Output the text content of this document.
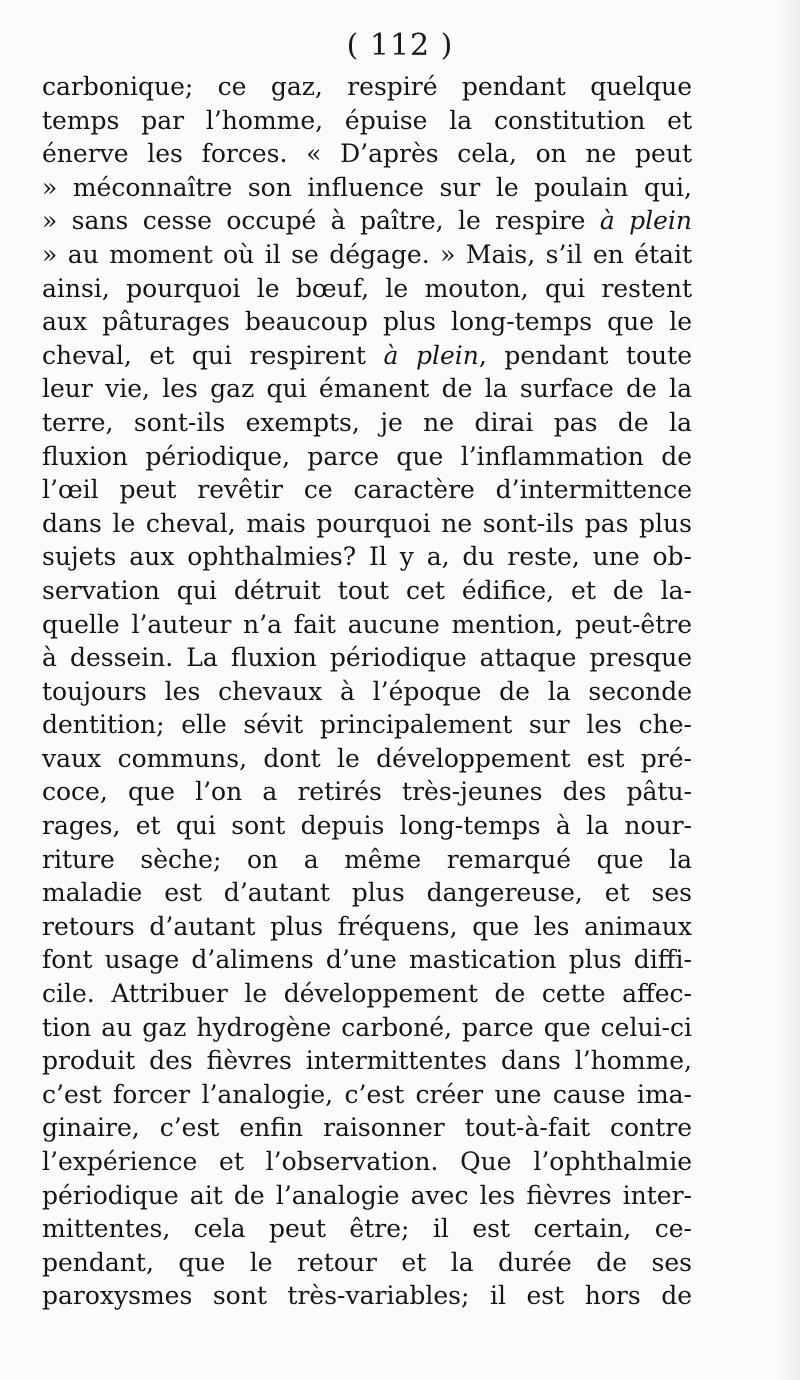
( 112 )
carbonique; ce gaz, respiré pendant quelque
temps par l’homme, épuise la constitution et
énerve les forces. « D’après cela, on ne peut
» méconnaître son influence sur le poulain qui,
» sans cesse occupé à paître, le respire à plein
» au moment où il se dégage. » Mais, s’il en était
ainsi, pourquoi le bœuf, le mouton, qui restent
aux pâturages beaucoup plus long-temps que le
cheval, et qui respirent à plein, pendant toute
leur vie, les gaz qui émanent de la surface de la
terre, sont-ils exempts, je ne dirai pas de la
fluxion périodique, parce que l’inflammation de
l’œil peut revêtir ce caractère d’intermittence
dans le cheval, mais pourquoi ne sont-ils pas plus
sujets aux ophthalmies? Il y a, du reste, une ob-
servation qui détruit tout cet édifice, et de la-
quelle l’auteur n’a fait aucune mention, peut-être
à dessein. La fluxion périodique attaque presque
toujours les chevaux à l’époque de la seconde
dentition; elle sévit principalement sur les che-
vaux communs, dont le développement est pré-
coce, que l’on a retirés très-jeunes des pâtu-
rages, et qui sont depuis long-temps à la nour-
riture sèche; on a même remarqué que la
maladie est d’autant plus dangereuse, et ses
retours d’autant plus fréquens, que les animaux
font usage d’alimens d’une mastication plus diffi-
cile. Attribuer le développement de cette affec-
tion au gaz hydrogène carboné, parce que celui-ci
produit des fièvres intermittentes dans l’homme,
c’est forcer l’analogie, c’est créer une cause ima-
ginaire, c’est enfin raisonner tout-à-fait contre
l’expérience et l’observation. Que l’ophthalmie
périodique ait de l’analogie avec les fièvres inter-
mittentes, cela peut être; il est certain, ce-
pendant, que le retour et la durée de ses
paroxysmes sont très-variables; il est hors de
